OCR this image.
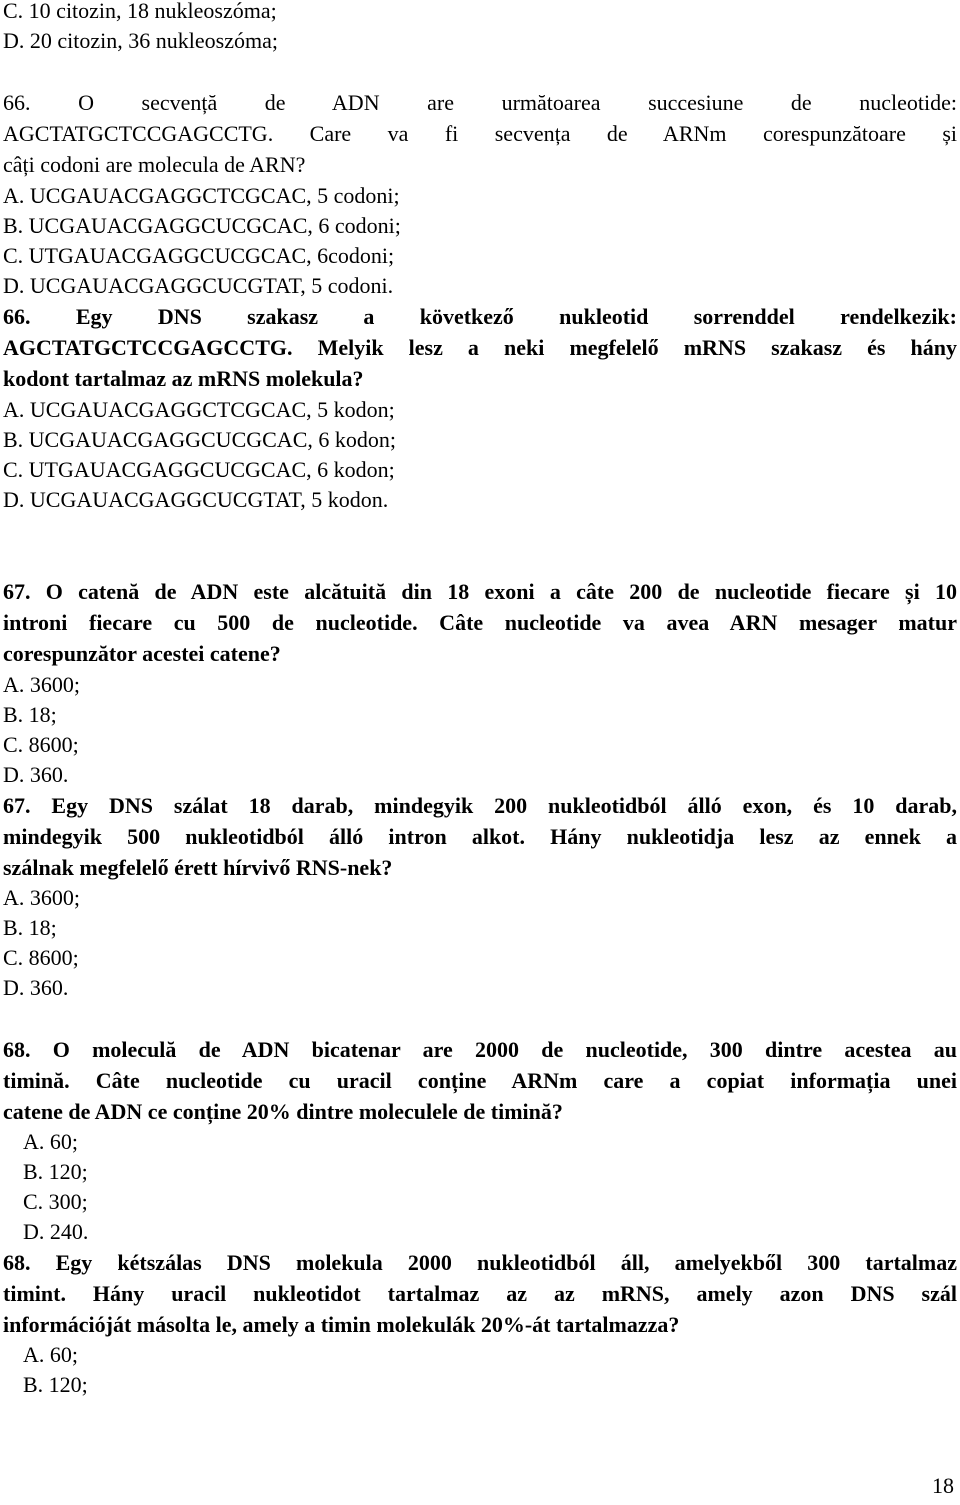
C. 10 citozin, 18 nukleoszóma;

D. 20 citozin, 36 nukleoszóma;

66. O secvență de ADN are următoarea succesiune de nucleotide:

AGCTATGCTCCGAGCCTG. Care va fi secvența de ARNm corespunzătoare și

câți codoni are molecula de ARN?

A. UCGAUACGAGGCTCGCAC, 5 codoni;

B. UCGAUACGAGGCUCGCAC, 6 codoni;

C. UTGAUACGAGGCUCGCAC, 6codoni;

D. UCGAUACGAGGCUCGTAT, 5 codoni.

66. Egy DNS szakasz a következő nukleotid sorrenddel rendelkezik:

AGCTATGCTCCGAGCCTG. Melyik lesz a neki megfelelő mRNS szakasz és hány

kodont tartalmaz az mRNS molekula?

A. UCGAUACGAGGCTCGCAC, 5 kodon;

B. UCGAUACGAGGCUCGCAC, 6 kodon;

C. UTGAUACGAGGCUCGCAC, 6 kodon;

D. UCGAUACGAGGCUCGTAT, 5 kodon.

67. O catenă de ADN este alcătuită din 18 exoni a câte 200 de nucleotide fiecare și 10

introni fiecare cu 500 de nucleotide. Câte nucleotide va avea ARN mesager matur

corespunzător acestei catene?

A. 3600;

B. 18;

C. 8600;

D. 360.

67. Egy DNS szálat 18 darab, mindegyik 200 nukleotidból álló exon, és 10 darab,

mindegyik 500 nukleotidból álló intron alkot. Hány nukleotidja lesz az ennek a

szálnak megfelelő érett hírvivő RNS-nek?

A. 3600;

B. 18;

C. 8600;

D. 360.

68. O moleculă de ADN bicatenar are 2000 de nucleotide, 300 dintre acestea au

timină. Câte nucleotide cu uracil conține ARNm care a copiat informația unei

catene de ADN ce conține 20% dintre moleculele de timină?

A. 60;

B. 120;

C. 300;

D. 240.

68. Egy kétszálas DNS molekula 2000 nukleotidból áll, amelyekből 300 tartalmaz

timint. Hány uracil nukleotidot tartalmaz az az mRNS, amely azon DNS szál

információját másolta le, amely a timin molekulák 20%-át tartalmazza?

A. 60;

B. 120;

18
